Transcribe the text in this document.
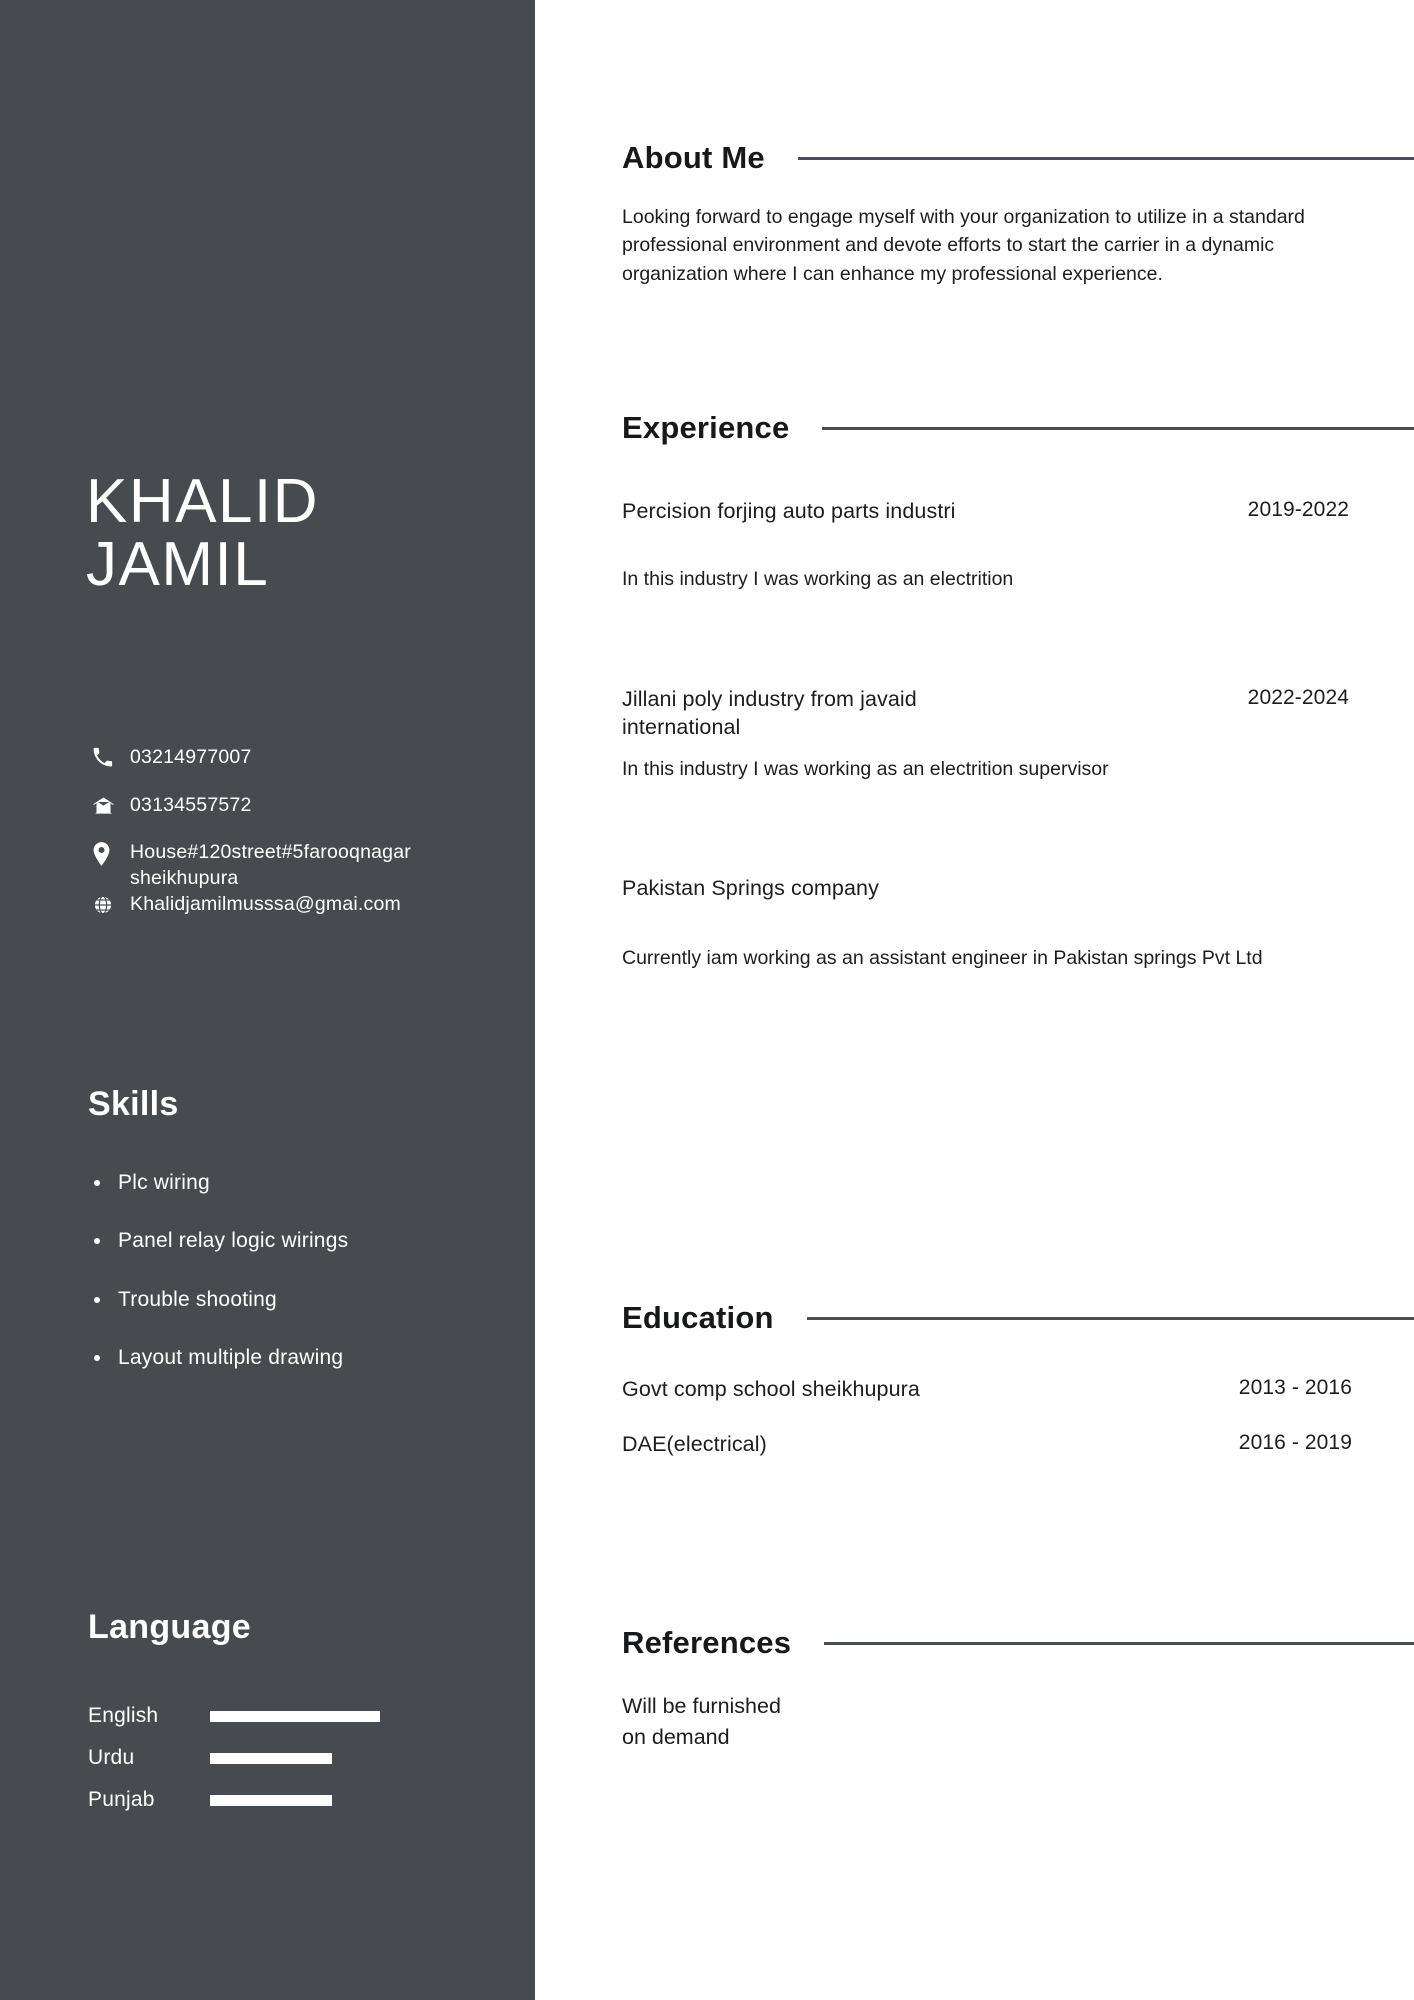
KHALID
JAMIL
03214977007
03134557572
House#120street#5farooqnagar sheikhupura
Khalidjamilmusssa@gmai.com
Skills
Plc wiring
Panel relay logic wirings
Trouble shooting
Layout multiple drawing
Language
English
Urdu
Punjab
About Me

Looking forward to engage myself with your organization to utilize in a standard professional environment and devote efforts to start the carrier in a dynamic organization where I can enhance my professional experience.

Experience
Percision forjing auto parts industri	2019-2022

In this industry I was working as an electrition

Jillani poly industry from javaid international
2022-2024

In this industry I was working as an electrition supervisor

Pakistan Springs company

Currently iam working as an assistant engineer in Pakistan springs Pvt Ltd

Education
Govt comp school sheikhupura	2013 - 2016
DAE(electrical)	2016 - 2019
References
Will be furnished
on demand
